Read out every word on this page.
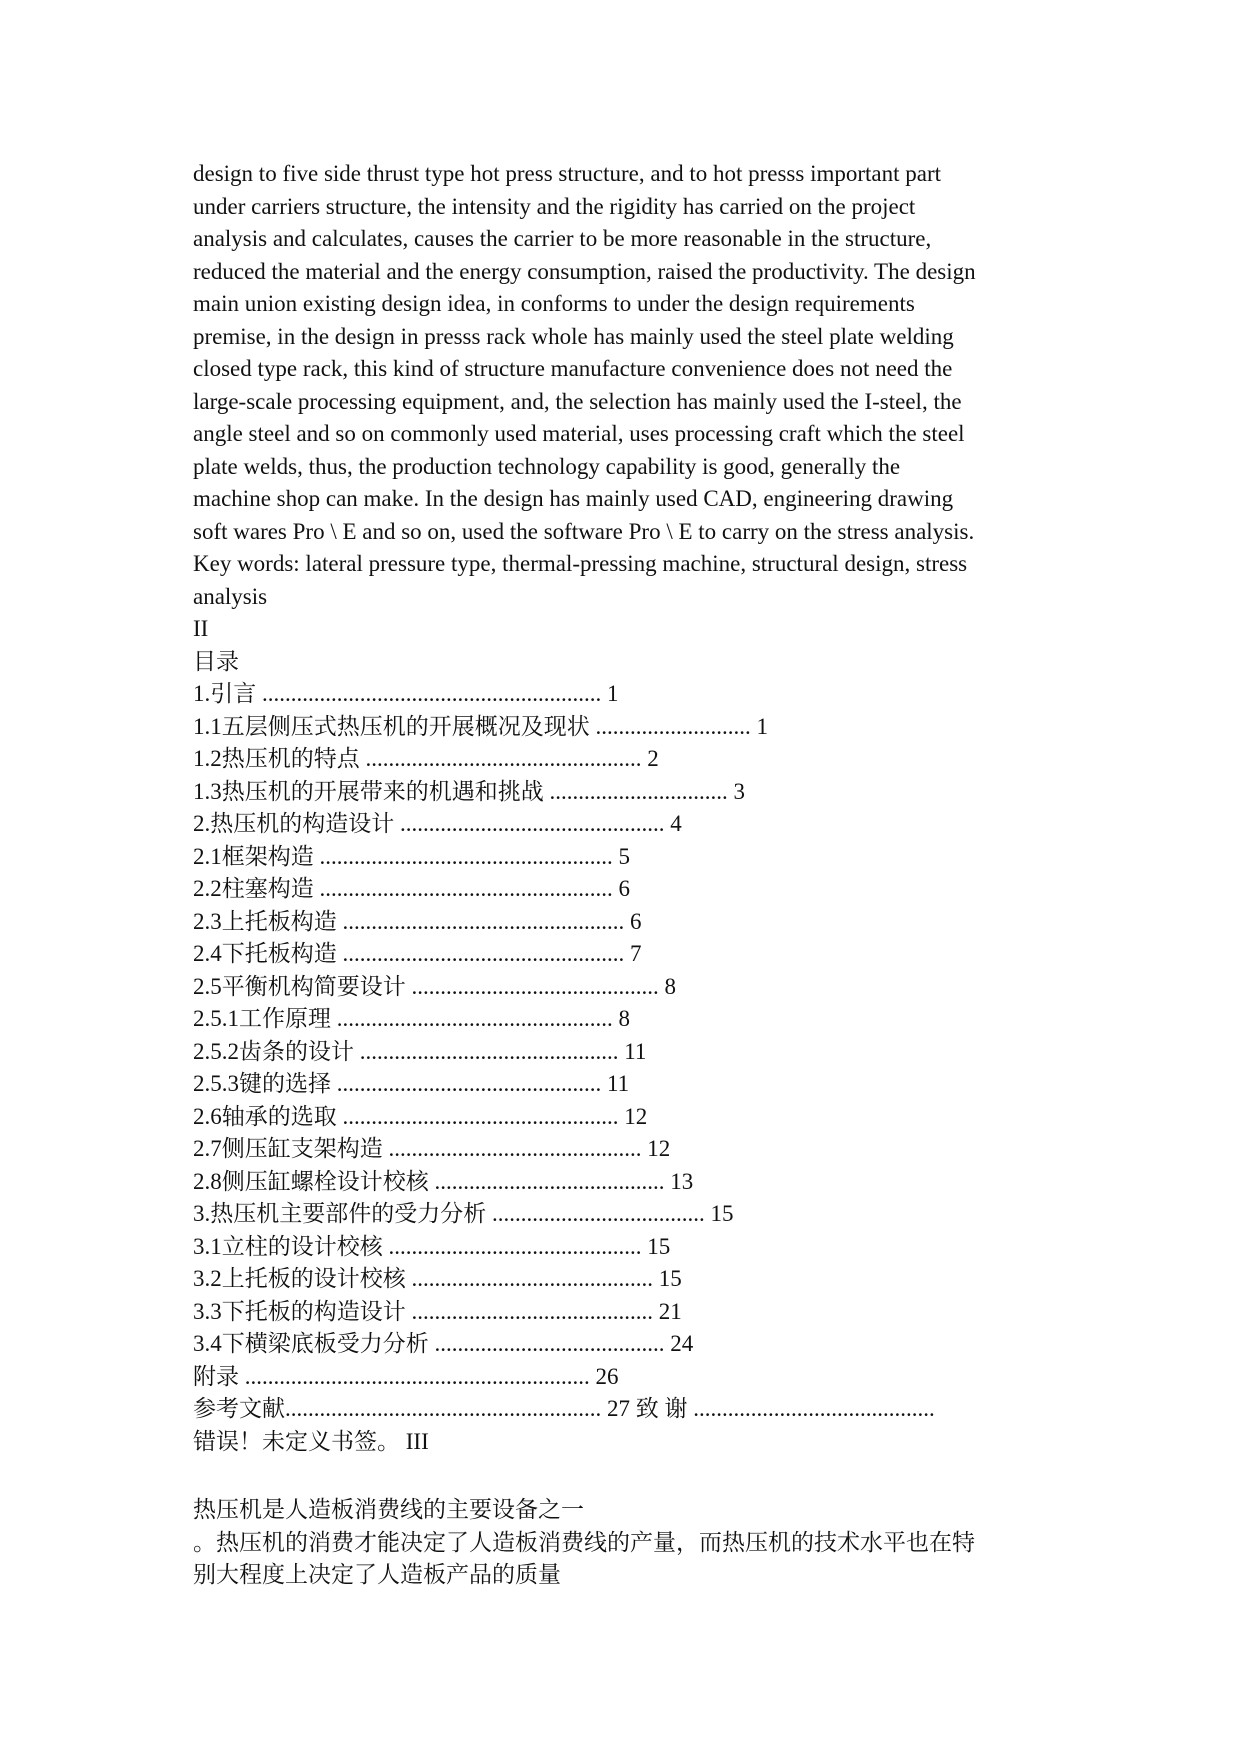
design to five side thrust type hot press structure, and to hot presss important part
under carriers structure, the intensity and the rigidity has carried on the project
analysis and calculates, causes the carrier to be more reasonable in the structure,
reduced the material and the energy consumption, raised the productivity. The design
main union existing design idea, in conforms to under the design requirements
premise, in the design in presss rack whole has mainly used the steel plate welding
closed type rack, this kind of structure manufacture convenience does not need the
large-scale processing equipment, and, the selection has mainly used the I-steel, the
angle steel and so on commonly used material, uses processing craft which the steel
plate welds, thus, the production technology capability is good, generally the
machine shop can make. In the design has mainly used CAD, engineering drawing
soft wares Pro \ E and so on, used the software Pro \ E to carry on the stress analysis.
Key words: lateral pressure type, thermal-pressing machine, structural design, stress
analysis
II
目录
1.引言 ........................................................... 1
1.1五层侧压式热压机的开展概况及现状 ........................... 1
1.2热压机的特点 ................................................ 2
1.3热压机的开展带来的机遇和挑战 ............................... 3
2.热压机的构造设计 .............................................. 4
2.1框架构造 ................................................... 5
2.2柱塞构造 ................................................... 6
2.3上托板构造 ................................................. 6
2.4下托板构造 ................................................. 7
2.5平衡机构简要设计 ........................................... 8
2.5.1工作原理 ................................................ 8
2.5.2齿条的设计 ............................................. 11
2.5.3键的选择 .............................................. 11
2.6轴承的选取 ................................................ 12
2.7侧压缸支架构造 ............................................ 12
2.8侧压缸螺栓设计校核 ........................................ 13
3.热压机主要部件的受力分析 ..................................... 15
3.1立柱的设计校核 ............................................ 15
3.2上托板的设计校核 .......................................... 15
3.3下托板的构造设计 .......................................... 21
3.4下横梁底板受力分析 ........................................ 24
附录 ............................................................ 26
参考文献....................................................... 27 致 谢 ..........................................
错误！未定义书签。 III
热压机是人造板消费线的主要设备之一
。热压机的消费才能决定了人造板消费线的产量，而热压机的技术水平也在特
别大程度上决定了人造板产品的质量
